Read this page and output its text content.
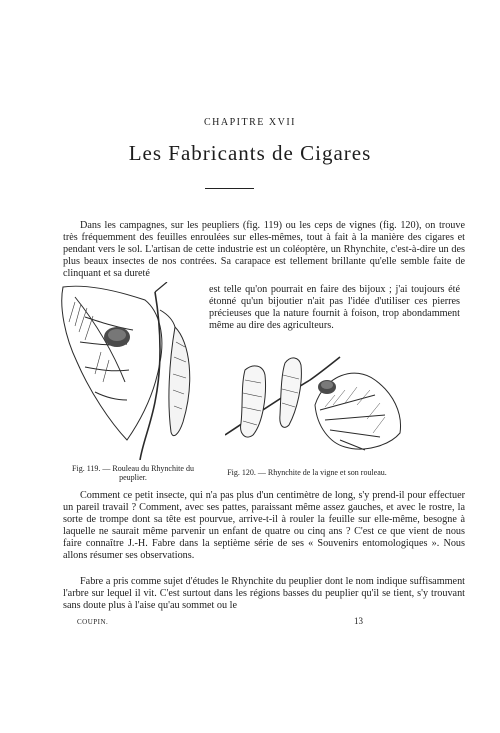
CHAPITRE XVII
Les Fabricants de Cigares

Dans les campagnes, sur les peupliers (fig. 119) ou les ceps de vignes (fig. 120), on trouve très fréquemment des feuilles enroulées sur elles-mêmes, tout à fait à la manière des cigares et pendant vers le sol. L'artisan de cette industrie est un coléoptère, un Rhynchite, c'est-à-dire un des plus beaux insectes de nos contrées. Sa carapace est tellement brillante qu'elle semble faite de clinquant et sa dureté

est telle qu'on pourrait en faire des bijoux ; j'ai toujours été étonné qu'un bijoutier n'ait pas l'idée d'utiliser ces pierres précieuses que la nature fournit à foison, trop abondamment même au dire des agriculteurs.

Fig. 119. — Rouleau du Rhynchite du peuplier.

Fig. 120. — Rhynchite de la vigne et son rouleau.

Comment ce petit insecte, qui n'a pas plus d'un centimètre de long, s'y prend-il pour effectuer un pareil travail ? Comment, avec ses pattes, paraissant même assez gauches, et avec le rostre, la sorte de trompe dont sa tête est pourvue, arrive-t-il à rouler la feuille sur elle-même, besogne à laquelle ne saurait même parvenir un enfant de quatre ou cinq ans ? C'est ce que vient de nous faire connaître J.-H. Fabre dans la septième série de ses « Souvenirs entomologiques ». Nous allons résumer ses observations.

Fabre a pris comme sujet d'études le Rhynchite du peuplier dont le nom indique suffisamment l'arbre sur lequel il vit. C'est surtout dans les régions basses du peuplier qu'il se tient, s'y trouvant sans doute plus à l'aise qu'au sommet ou le

COUPIN.	13
